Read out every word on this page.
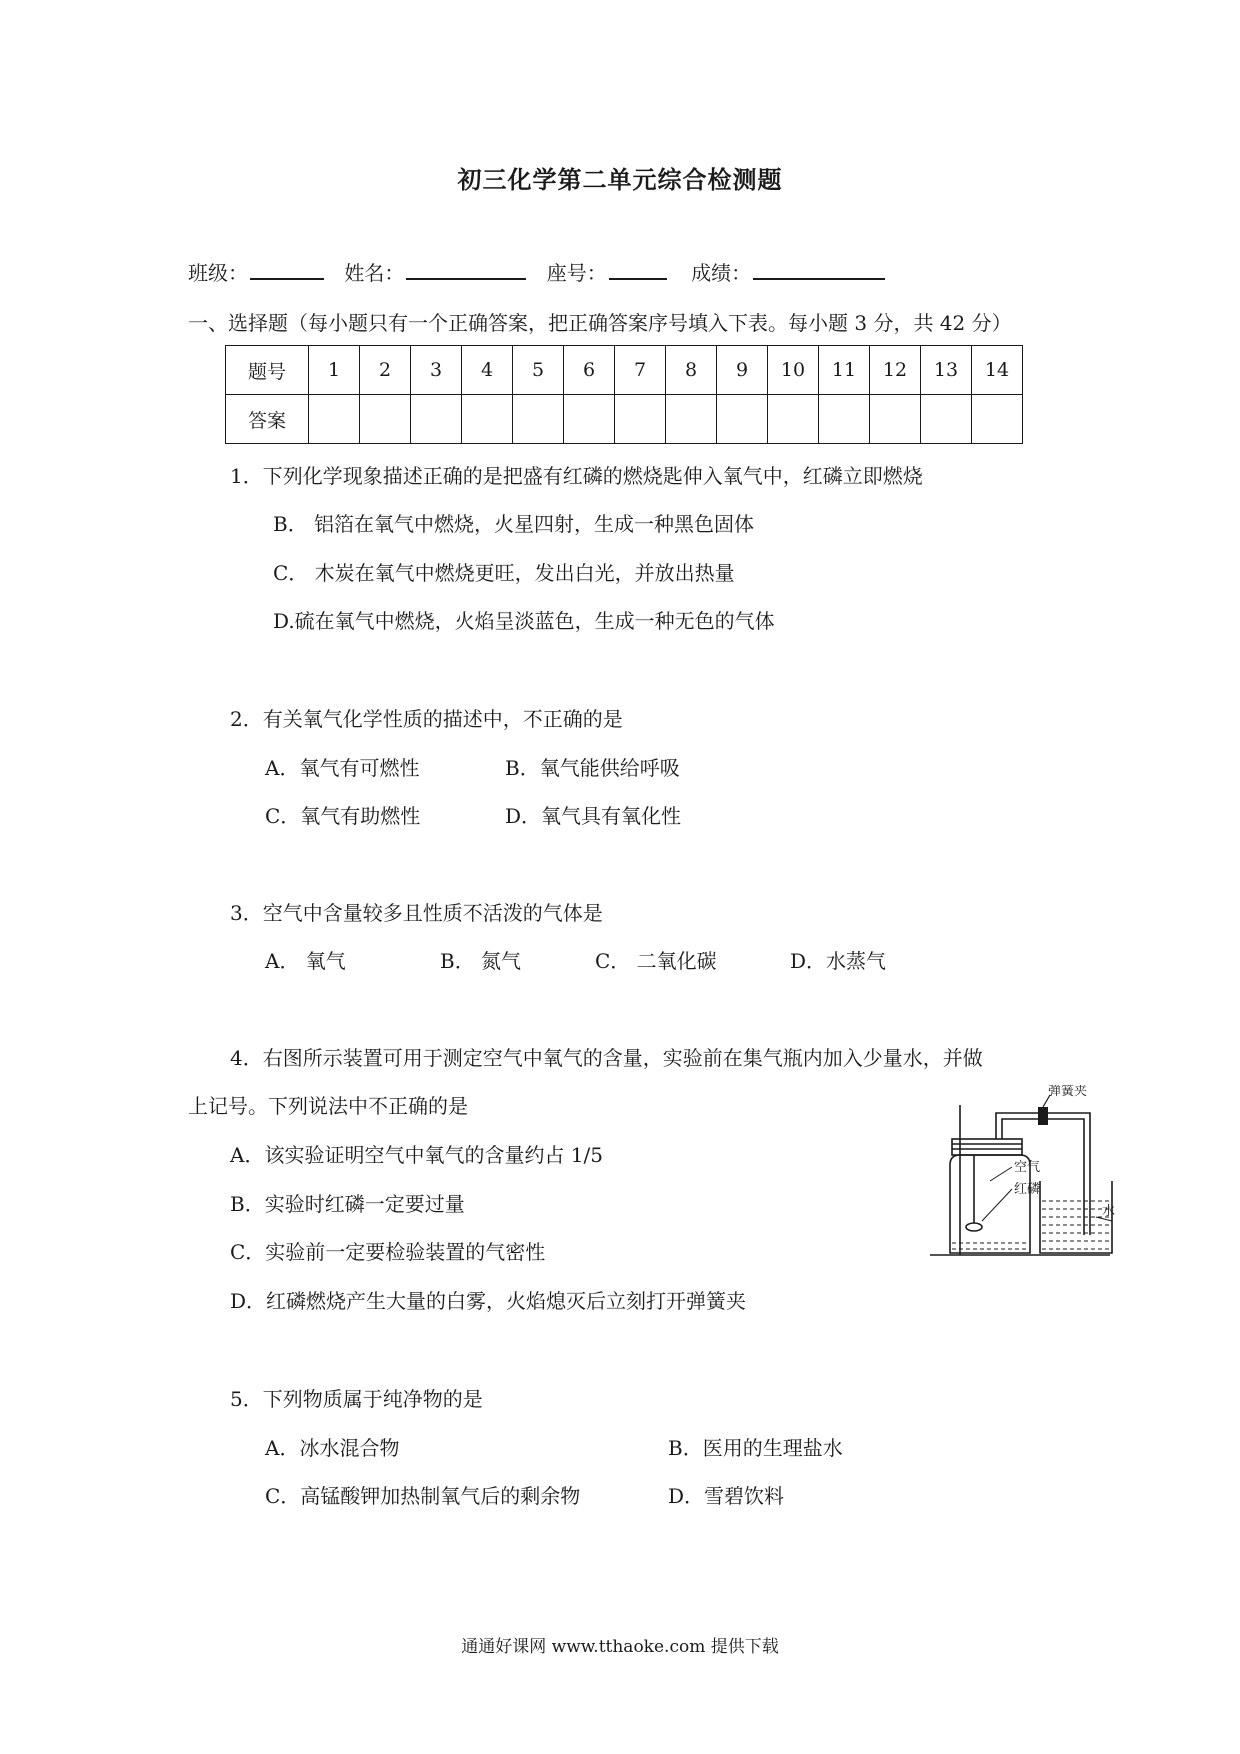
初三化学第二单元综合检测题
班级：	姓名：	座号：	成绩：
一、选择题（每小题只有一个正确答案，把正确答案序号填入下表。每小题 3 分，共 42 分）
题号	1	2	3	4	5	6	7	8	9	10	11	12	13	14
答案														
1．下列化学现象描述正确的是把盛有红磷的燃烧匙伸入氧气中，红磷立即燃烧
B． 铝箔在氧气中燃烧，火星四射，生成一种黑色固体
C． 木炭在氧气中燃烧更旺，发出白光，并放出热量
D.硫在氧气中燃烧，火焰呈淡蓝色，生成一种无色的气体
2．有关氧气化学性质的描述中，不正确的是
A．氧气有可燃性	B．氧气能供给呼吸
C．氧气有助燃性	D．氧气具有氧化性
3．空气中含量较多且性质不活泼的气体是
A． 氧气	B． 氮气	C． 二氧化碳	D．水蒸气
4．右图所示装置可用于测定空气中氧气的含量，实验前在集气瓶内加入少量水，并做
上记号。下列说法中不正确的是
A．该实验证明空气中氧气的含量约占 1/5
B．实验时红磷一定要过量
C．实验前一定要检验装置的气密性
D．红磷燃烧产生大量的白雾，火焰熄灭后立刻打开弹簧夹
弹簧夹
空气
红磷
水
5．下列物质属于纯净物的是
A．冰水混合物	B．医用的生理盐水
C．高锰酸钾加热制氧气后的剩余物	D．雪碧饮料
通通好课网 www.tthaoke.com 提供下载
